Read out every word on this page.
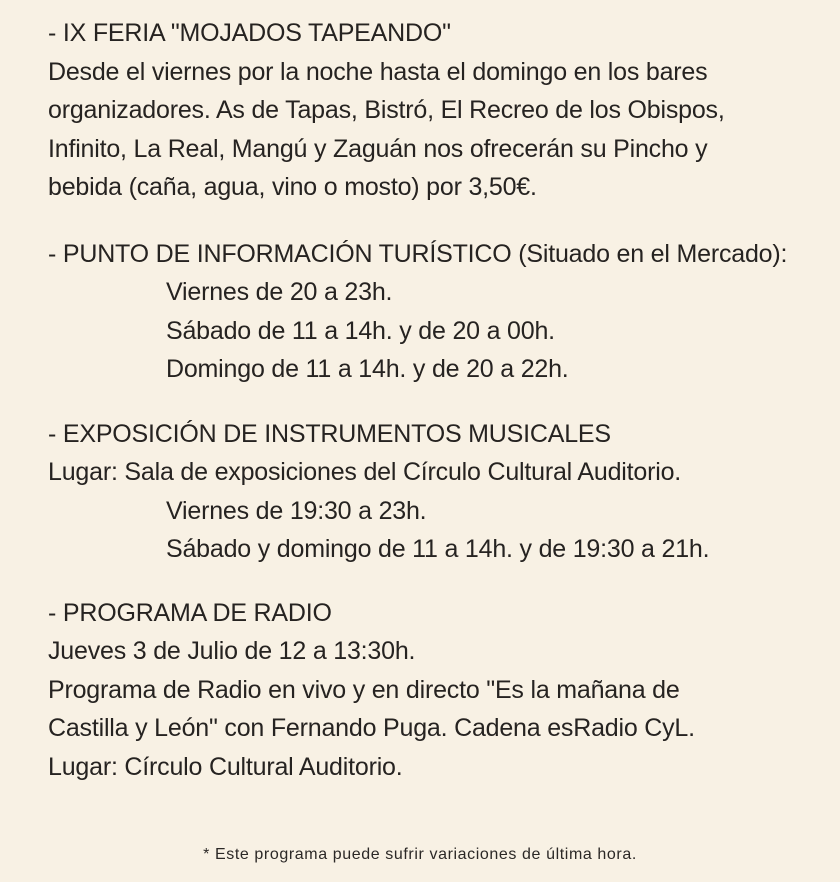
- IX FERIA "MOJADOS TAPEANDO"
Desde el viernes por la noche hasta el domingo en los bares
organizadores. As de Tapas, Bistró, El Recreo de los Obispos,
Infinito, La Real, Mangú y Zaguán nos ofrecerán su Pincho y
bebida (caña, agua, vino o mosto) por 3,50€.
- PUNTO DE INFORMACIÓN TURÍSTICO (Situado en el Mercado):
Viernes de 20 a 23h.
Sábado de 11 a 14h. y de 20 a 00h.
Domingo de 11 a 14h. y de 20 a 22h.
- EXPOSICIÓN DE INSTRUMENTOS MUSICALES
Lugar: Sala de exposiciones del Círculo Cultural Auditorio.
Viernes de 19:30 a 23h.
Sábado y domingo de 11 a 14h. y de 19:30 a 21h.
- PROGRAMA DE RADIO
Jueves 3 de Julio de 12 a 13:30h.
Programa de Radio en vivo y en directo "Es la mañana de
Castilla y León" con Fernando Puga. Cadena esRadio CyL.
Lugar: Círculo Cultural Auditorio.
* Este programa puede sufrir variaciones de última hora.
